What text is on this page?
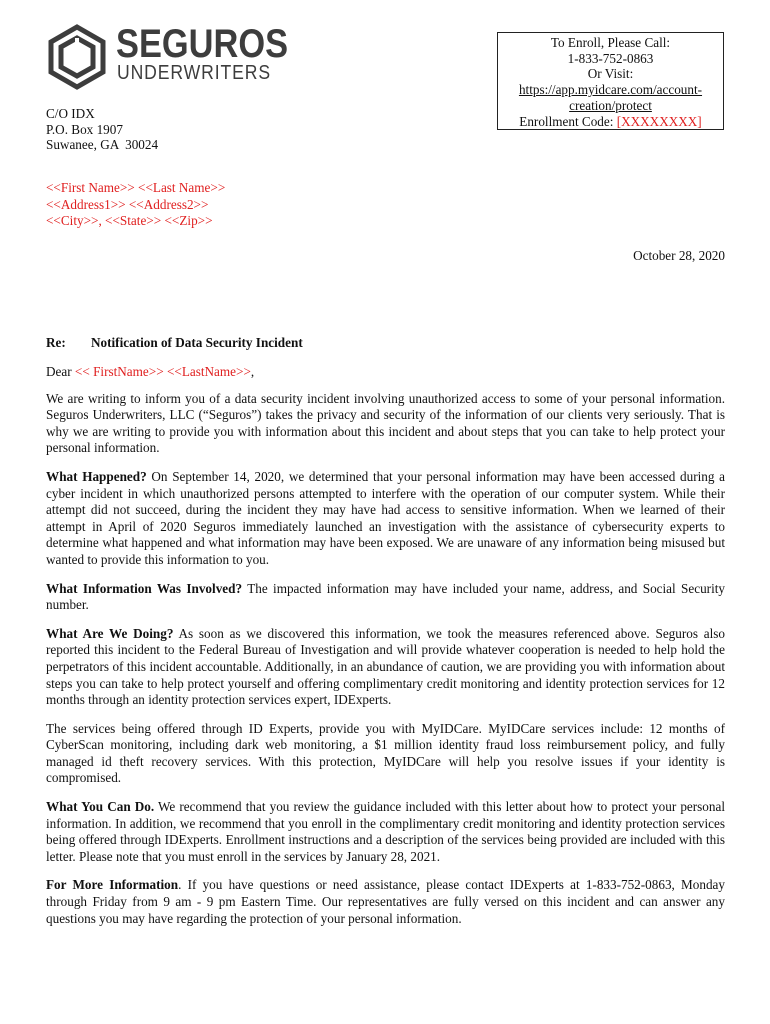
SEGUROS
UNDERWRITERS
To Enroll, Please Call:
1-833-752-0863
Or Visit:
https://app.myidcare.com/account-
creation/protect
Enrollment Code: [XXXXXXXX]
C/O IDX
P.O. Box 1907
Suwanee, GA  30024
<<First Name>> <<Last Name>>
<<Address1>> <<Address2>>
<<City>>, <<State>> <<Zip>>
October 28, 2020
Re: Notification of Data Security Incident

Dear << FirstName>> <<LastName>>,

We are writing to inform you of a data security incident involving unauthorized access to some of your personal information. Seguros Underwriters, LLC (“Seguros”) takes the privacy and security of the information of our clients very seriously. That is why we are writing to provide you with information about this incident and about steps that you can take to help protect your personal information.

What Happened? On September 14, 2020, we determined that your personal information may have been accessed during a cyber incident in which unauthorized persons attempted to interfere with the operation of our computer system. While their attempt did not succeed, during the incident they may have had access to sensitive information. When we learned of their attempt in April of 2020 Seguros immediately launched an investigation with the assistance of cybersecurity experts to determine what happened and what information may have been exposed. We are unaware of any information being misused but wanted to provide this information to you.

What Information Was Involved? The impacted information may have included your name, address, and Social Security number.

What Are We Doing? As soon as we discovered this information, we took the measures referenced above. Seguros also reported this incident to the Federal Bureau of Investigation and will provide whatever cooperation is needed to help hold the perpetrators of this incident accountable. Additionally, in an abundance of caution, we are providing you with information about steps you can take to help protect yourself and offering complimentary credit monitoring and identity protection services for 12 months through an identity protection services expert, IDExperts.

The services being offered through ID Experts, provide you with MyIDCare. MyIDCare services include: 12 months of CyberScan monitoring, including dark web monitoring, a $1 million identity fraud loss reimbursement policy, and fully managed id theft recovery services. With this protection, MyIDCare will help you resolve issues if your identity is compromised.

What You Can Do. We recommend that you review the guidance included with this letter about how to protect your personal information. In addition, we recommend that you enroll in the complimentary credit monitoring and identity protection services being offered through IDExperts. Enrollment instructions and a description of the services being provided are included with this letter. Please note that you must enroll in the services by January 28, 2021.

For More Information. If you have questions or need assistance, please contact IDExperts at 1-833-752-0863, Monday through Friday from 9 am - 9 pm Eastern Time. Our representatives are fully versed on this incident and can answer any questions you may have regarding the protection of your personal information.
